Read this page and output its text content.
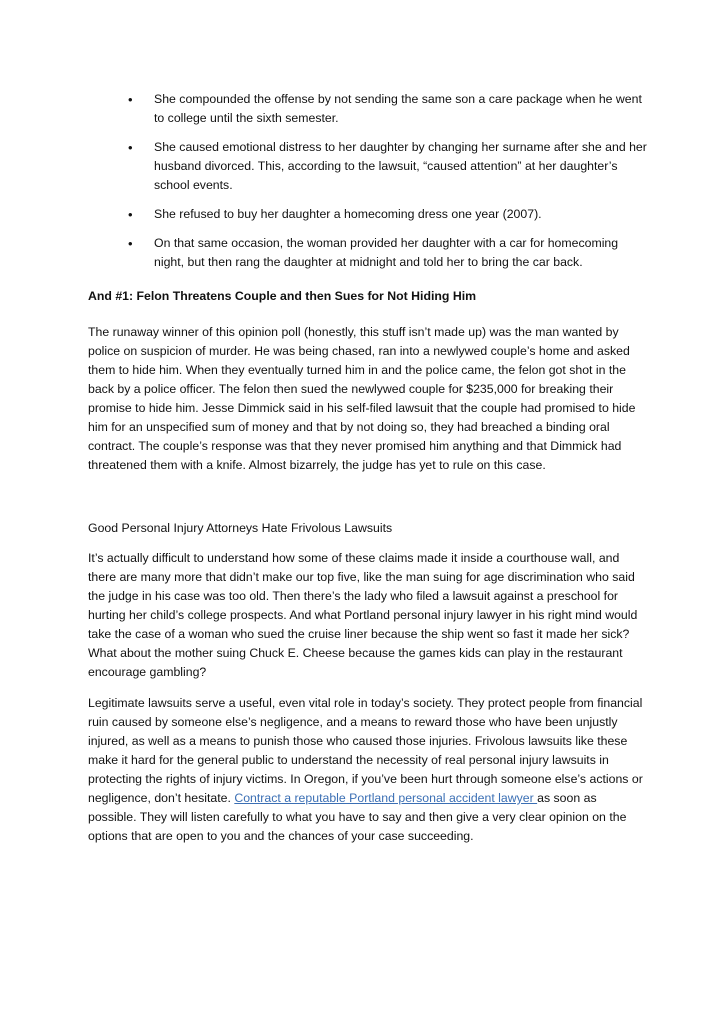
• She compounded the offense by not sending the same son a care package when he went to college until the sixth semester.
• She caused emotional distress to her daughter by changing her surname after she and her husband divorced. This, according to the lawsuit, “caused attention” at her daughter’s school events.
• She refused to buy her daughter a homecoming dress one year (2007).
• On that same occasion, the woman provided her daughter with a car for homecoming night, but then rang the daughter at midnight and told her to bring the car back.
And #1: Felon Threatens Couple and then Sues for Not Hiding Him

The runaway winner of this opinion poll (honestly, this stuff isn’t made up) was the man wanted by police on suspicion of murder. He was being chased, ran into a newlywed couple’s home and asked them to hide him. When they eventually turned him in and the police came, the felon got shot in the back by a police officer. The felon then sued the newlywed couple for $235,000 for breaking their promise to hide him. Jesse Dimmick said in his self-filed lawsuit that the couple had promised to hide him for an unspecified sum of money and that by not doing so, they had breached a binding oral contract. The couple’s response was that they never promised him anything and that Dimmick had threatened them with a knife. Almost bizarrely, the judge has yet to rule on this case.

Good Personal Injury Attorneys Hate Frivolous Lawsuits

It’s actually difficult to understand how some of these claims made it inside a courthouse wall, and there are many more that didn’t make our top five, like the man suing for age discrimination who said the judge in his case was too old. Then there’s the lady who filed a lawsuit against a preschool for hurting her child’s college prospects. And what Portland personal injury lawyer in his right mind would take the case of a woman who sued the cruise liner because the ship went so fast it made her sick? What about the mother suing Chuck E. Cheese because the games kids can play in the restaurant encourage gambling?

Legitimate lawsuits serve a useful, even vital role in today’s society. They protect people from financial ruin caused by someone else’s negligence, and a means to reward those who have been unjustly injured, as well as a means to punish those who caused those injuries. Frivolous lawsuits like these make it hard for the general public to understand the necessity of real personal injury lawsuits in protecting the rights of injury victims. In Oregon, if you’ve been hurt through someone else’s actions or negligence, don’t hesitate. Contract a reputable Portland personal accident lawyer as soon as possible. They will listen carefully to what you have to say and then give a very clear opinion on the options that are open to you and the chances of your case succeeding.
